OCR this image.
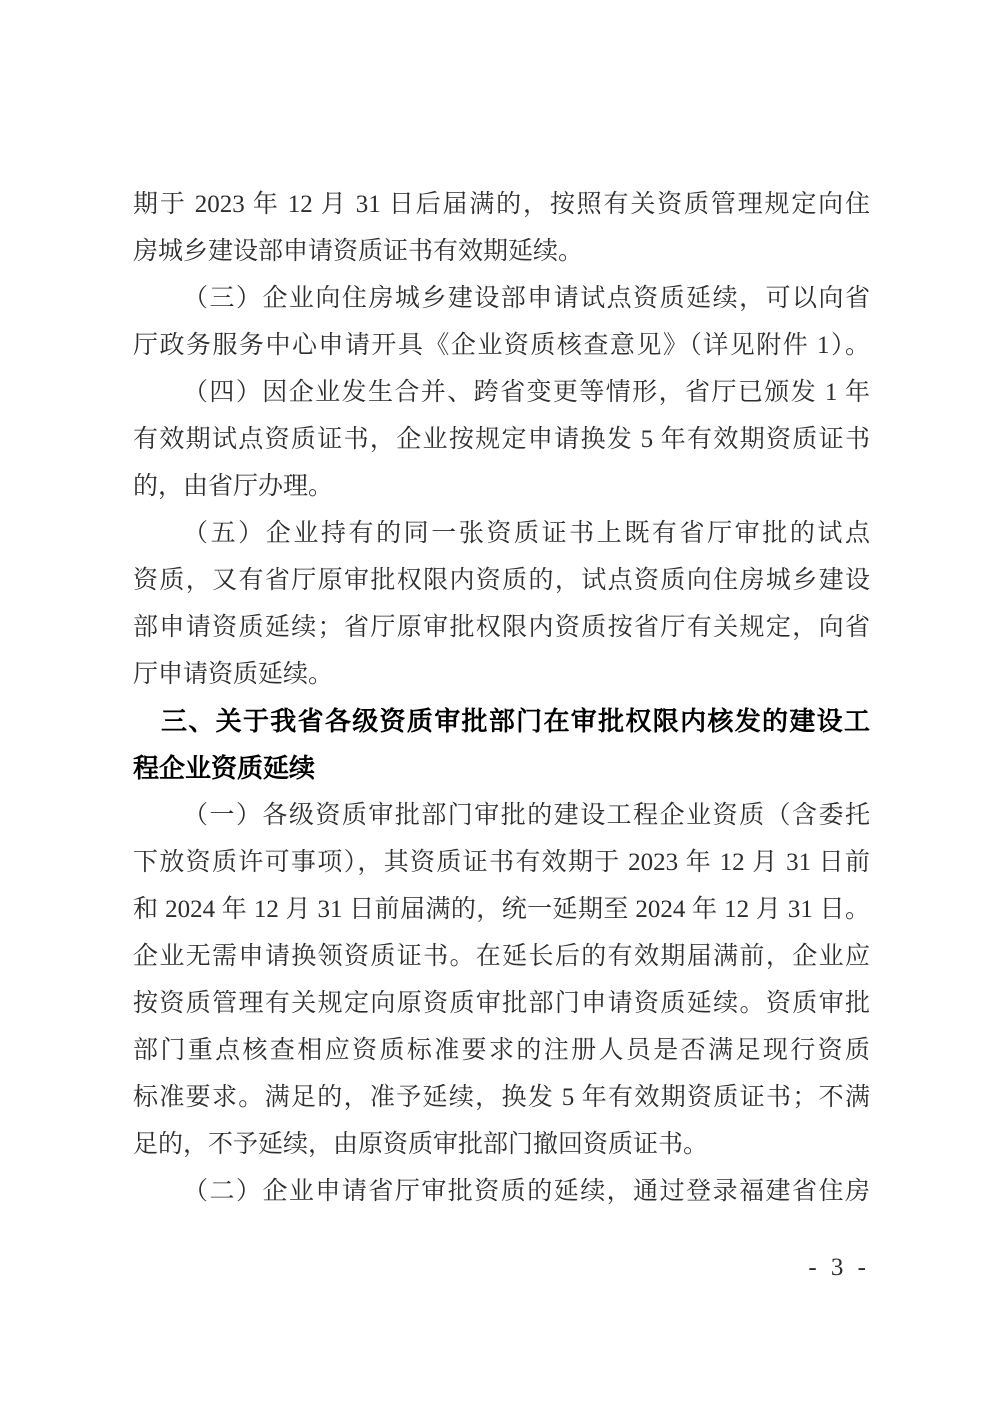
期于 2023 年 12 月 31 日后届满的，按照有关资质管理规定向住
房城乡建设部申请资质证书有效期延续。
（三）企业向住房城乡建设部申请试点资质延续，可以向省
厅政务服务中心申请开具《企业资质核查意见》（详见附件 1）。
（四）因企业发生合并、跨省变更等情形，省厅已颁发 1 年
有效期试点资质证书，企业按规定申请换发 5 年有效期资质证书
的，由省厅办理。
（五）企业持有的同一张资质证书上既有省厅审批的试点
资质，又有省厅原审批权限内资质的，试点资质向住房城乡建设
部申请资质延续；省厅原审批权限内资质按省厅有关规定，向省
厅申请资质延续。
三、关于我省各级资质审批部门在审批权限内核发的建设工
程企业资质延续
（一）各级资质审批部门审批的建设工程企业资质（含委托
下放资质许可事项），其资质证书有效期于 2023 年 12 月 31 日前
和 2024 年 12 月 31 日前届满的，统一延期至 2024 年 12 月 31 日。
企业无需申请换领资质证书。在延长后的有效期届满前，企业应
按资质管理有关规定向原资质审批部门申请资质延续。资质审批
部门重点核查相应资质标准要求的注册人员是否满足现行资质
标准要求。满足的，准予延续，换发 5 年有效期资质证书；不满
足的，不予延续，由原资质审批部门撤回资质证书。
（二）企业申请省厅审批资质的延续，通过登录福建省住房
- 3 -
